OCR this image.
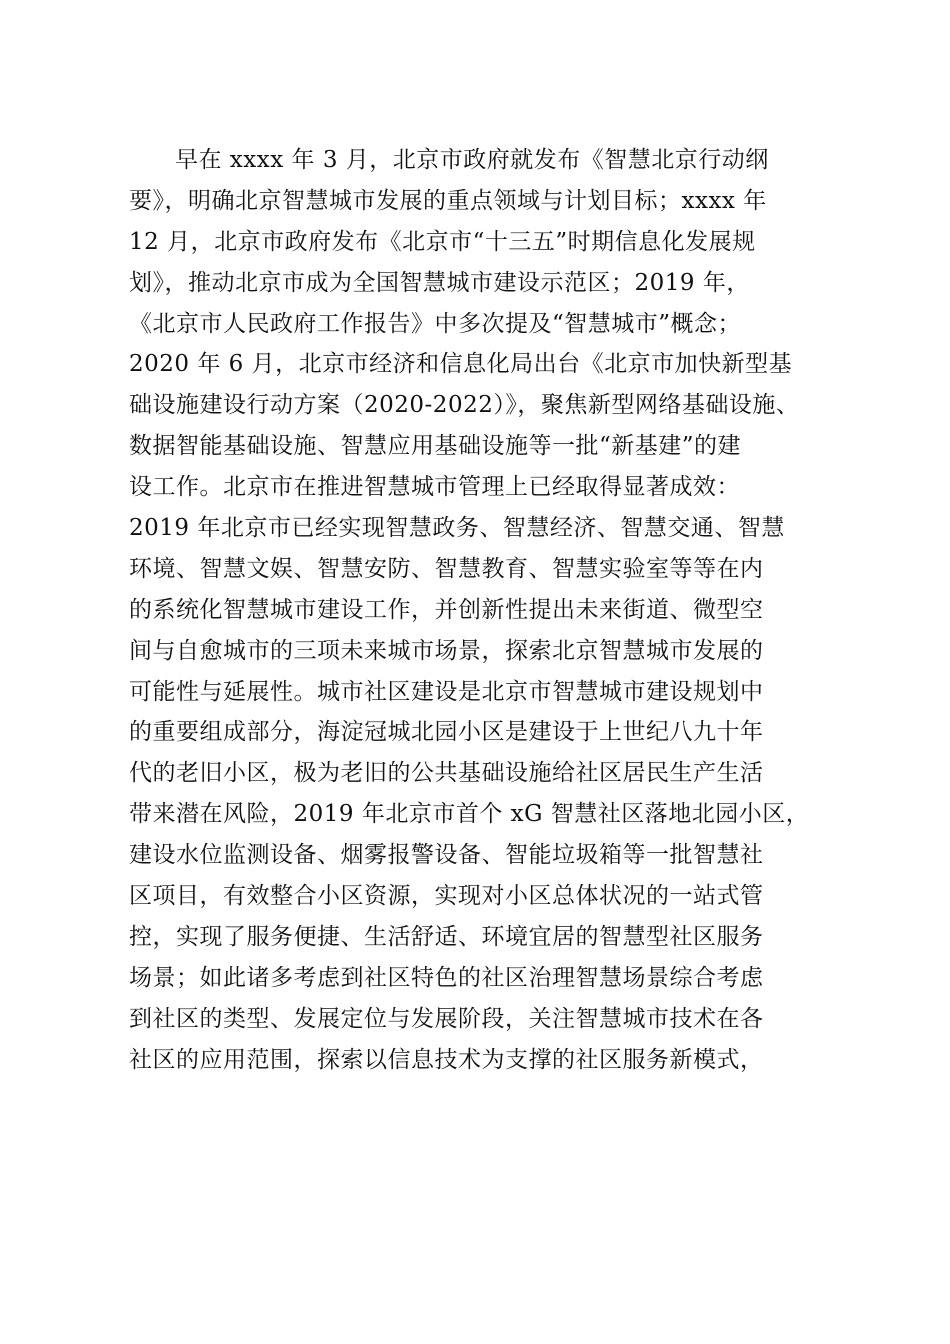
早在 xxxx 年 3 月，北京市政府就发布《智慧北京行动纲
要》，明确北京智慧城市发展的重点领域与计划目标；xxxx 年
12 月，北京市政府发布《北京市“十三五”时期信息化发展规
划》，推动北京市成为全国智慧城市建设示范区；2019 年，
《北京市人民政府工作报告》中多次提及“智慧城市”概念；
2020 年 6 月，北京市经济和信息化局出台《北京市加快新型基
础设施建设行动方案（2020-2022）》，聚焦新型网络基础设施、
数据智能基础设施、智慧应用基础设施等一批“新基建”的建
设工作。北京市在推进智慧城市管理上已经取得显著成效：
2019 年北京市已经实现智慧政务、智慧经济、智慧交通、智慧
环境、智慧文娱、智慧安防、智慧教育、智慧实验室等等在内
的系统化智慧城市建设工作，并创新性提出未来街道、微型空
间与自愈城市的三项未来城市场景，探索北京智慧城市发展的
可能性与延展性。城市社区建设是北京市智慧城市建设规划中
的重要组成部分，海淀冠城北园小区是建设于上世纪八九十年
代的老旧小区，极为老旧的公共基础设施给社区居民生产生活
带来潜在风险，2019 年北京市首个 xG 智慧社区落地北园小区，
建设水位监测设备、烟雾报警设备、智能垃圾箱等一批智慧社
区项目，有效整合小区资源，实现对小区总体状况的一站式管
控，实现了服务便捷、生活舒适、环境宜居的智慧型社区服务
场景；如此诸多考虑到社区特色的社区治理智慧场景综合考虑
到社区的类型、发展定位与发展阶段，关注智慧城市技术在各
社区的应用范围，探索以信息技术为支撑的社区服务新模式，
